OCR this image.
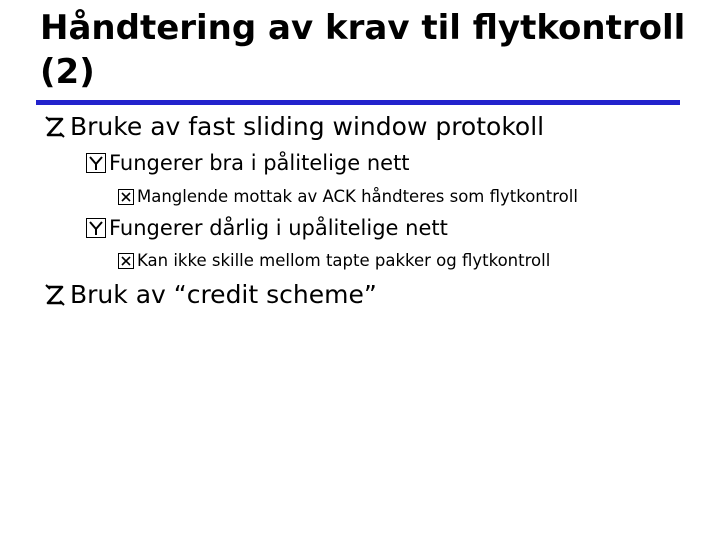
Håndtering av krav til flytkontroll (2)
Bruke av fast sliding window protokoll
Fungerer bra i pålitelige nett
Manglende mottak av ACK håndteres som flytkontroll
Fungerer dårlig i upålitelige nett
Kan ikke skille mellom tapte pakker og flytkontroll
Bruk av “credit scheme”
